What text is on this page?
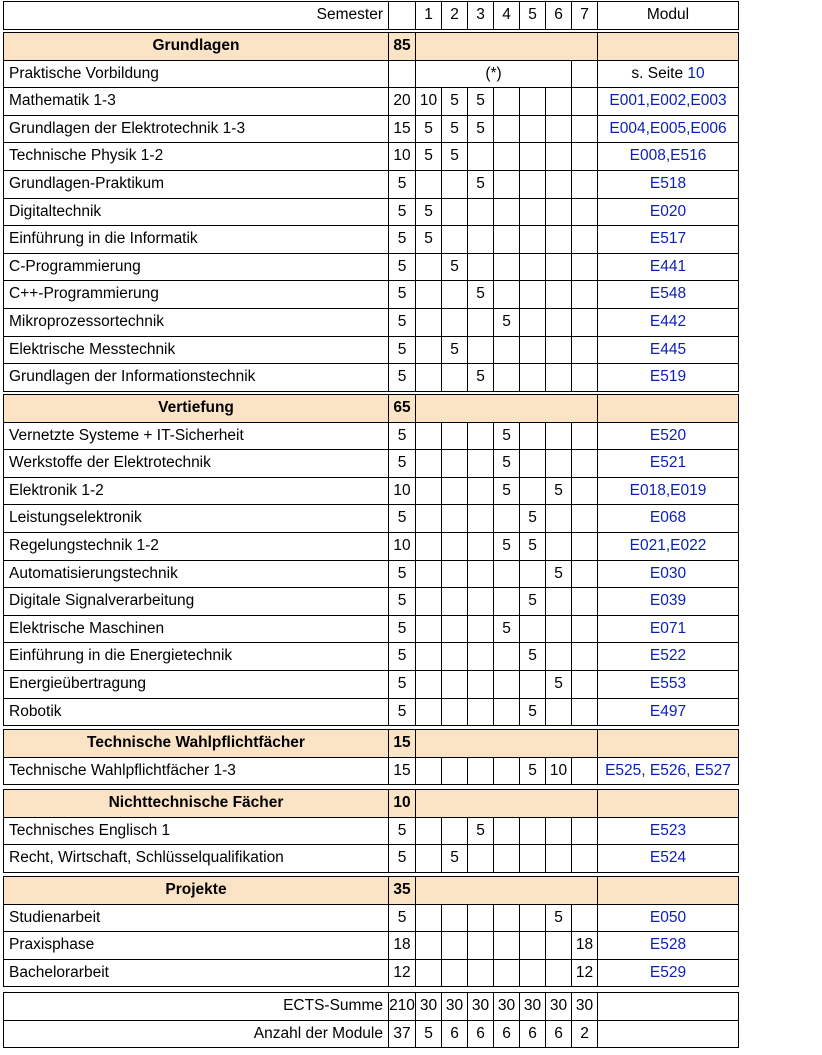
Semester		1	2	3	4	5	6	7	Modul
Grundlagen	85								
Praktische Vorbildung		(*)							s. Seite 10
Mathematik 1-3	20	10	5	5					E001,E002,E003
Grundlagen der Elektrotechnik 1-3	15	5	5	5					E004,E005,E006
Technische Physik 1-2	10	5	5						E008,E516
Grundlagen-Praktikum	5			5					E518
Digitaltechnik	5	5							E020
Einführung in die Informatik	5	5							E517
C-Programmierung	5		5						E441
C++-Programmierung	5			5					E548
Mikroprozessortechnik	5				5				E442
Elektrische Messtechnik	5		5						E445
Grundlagen der Informationstechnik	5			5					E519
Vertiefung	65								
Vernetzte Systeme + IT-Sicherheit	5				5				E520
Werkstoffe der Elektrotechnik	5				5				E521
Elektronik 1-2	10				5		5		E018,E019
Leistungselektronik	5					5			E068
Regelungstechnik 1-2	10				5	5			E021,E022
Automatisierungstechnik	5						5		E030
Digitale Signalverarbeitung	5					5			E039
Elektrische Maschinen	5				5				E071
Einführung in die Energietechnik	5					5			E522
Energieübertragung	5						5		E553
Robotik	5					5			E497
Technische Wahlpflichtfächer	15								
Technische Wahlpflichtfächer 1-3	15					5	10		E525, E526, E527
Nichttechnische Fächer	10								
Technisches Englisch 1	5			5					E523
Recht, Wirtschaft, Schlüsselqualifikation	5		5						E524
Projekte	35								
Studienarbeit	5						5		E050
Praxisphase	18							18	E528
Bachelorarbeit	12							12	E529
ECTS-Summe	210	30	30	30	30	30	30	30	
Anzahl der Module	37	5	6	6	6	6	6	2	
